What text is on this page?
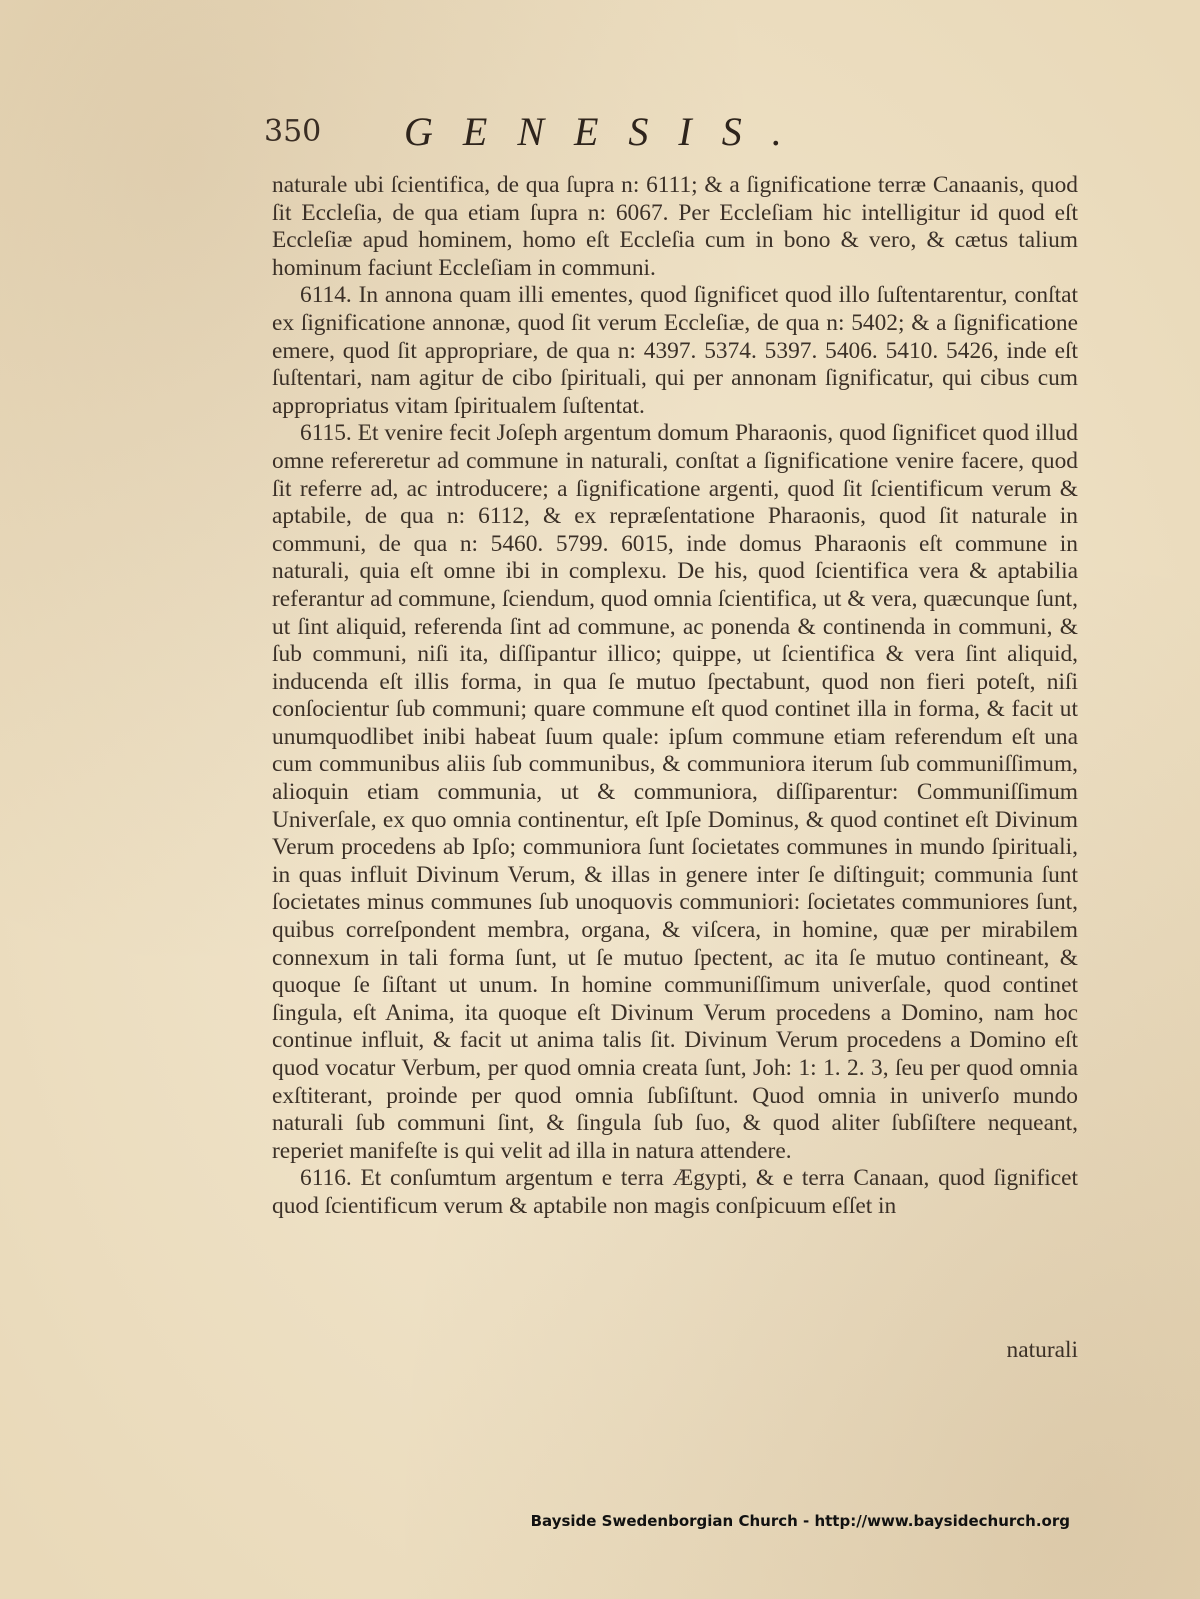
350 GENESIS.

naturale ubi ſcientifica, de qua ſupra n: 6111; & a ſignificatione terræ Canaanis, quod ſit Eccleſia, de qua etiam ſupra n: 6067. Per Eccleſiam hic intelligitur id quod eſt Eccleſiæ apud hominem, homo eſt Eccleſia cum in bono & vero, & cætus talium hominum faciunt Eccleſiam in communi.

6114. In annona quam illi ementes, quod ſignificet quod illo ſuſtentarentur, conſtat ex ſignificatione annonæ, quod ſit verum Eccleſiæ, de qua n: 5402; & a ſignificatione emere, quod ſit appropriare, de qua n: 4397. 5374. 5397. 5406. 5410. 5426, inde eſt ſuſtentari, nam agitur de cibo ſpirituali, qui per annonam ſignificatur, qui cibus cum appropriatus vitam ſpiritualem ſuſtentat.

6115. Et venire fecit Joſeph argentum domum Pharaonis, quod ſignificet quod illud omne refereretur ad commune in naturali, conſtat a ſignificatione venire facere, quod ſit referre ad, ac introducere; a ſignificatione argenti, quod ſit ſcientificum verum & aptabile, de qua n: 6112, & ex repræſentatione Pharaonis, quod ſit naturale in communi, de qua n: 5460. 5799. 6015, inde domus Pharaonis eſt commune in naturali, quia eſt omne ibi in complexu. De his, quod ſcientifica vera & aptabilia referantur ad commune, ſciendum, quod omnia ſcientifica, ut & vera, quæcunque ſunt, ut ſint aliquid, referenda ſint ad commune, ac ponenda & continenda in communi, & ſub communi, niſi ita, diſſipantur illico; quippe, ut ſcientifica & vera ſint aliquid, inducenda eſt illis forma, in qua ſe mutuo ſpectabunt, quod non fieri poteſt, niſi conſocientur ſub communi; quare commune eſt quod continet illa in forma, & facit ut unumquodlibet inibi habeat ſuum quale: ipſum commune etiam referendum eſt una cum communibus aliis ſub communibus, & communiora iterum ſub communiſſimum, alioquin etiam communia, ut & communiora, diſſiparentur: Communiſſimum Univerſale, ex quo omnia continentur, eſt Ipſe Dominus, & quod continet eſt Divinum Verum procedens ab Ipſo; communiora ſunt ſocietates communes in mundo ſpirituali, in quas influit Divinum Verum, & illas in genere inter ſe diſtinguit; communia ſunt ſocietates minus communes ſub unoquovis communiori: ſocietates communiores ſunt, quibus correſpondent membra, organa, & viſcera, in homine, quæ per mirabilem connexum in tali forma ſunt, ut ſe mutuo ſpectent, ac ita ſe mutuo contineant, & quoque ſe ſiſtant ut unum. In homine communiſſimum univerſale, quod continet ſingula, eſt Anima, ita quoque eſt Divinum Verum procedens a Domino, nam hoc continue influit, & facit ut anima talis ſit. Divinum Verum procedens a Domino eſt quod vocatur Verbum, per quod omnia creata ſunt, Joh: 1: 1. 2. 3, ſeu per quod omnia exſtiterant, proinde per quod omnia ſubſiſtunt. Quod omnia in univerſo mundo naturali ſub communi ſint, & ſingula ſub ſuo, & quod aliter ſubſiſtere nequeant, reperiet manifeſte is qui velit ad illa in natura attendere.

6116. Et conſumtum argentum e terra Ægypti, & e terra Canaan, quod ſignificet quod ſcientificum verum & aptabile non magis conſpicuum eſſet in

naturali
Bayside Swedenborgian Church - http://www.baysidechurch.org
